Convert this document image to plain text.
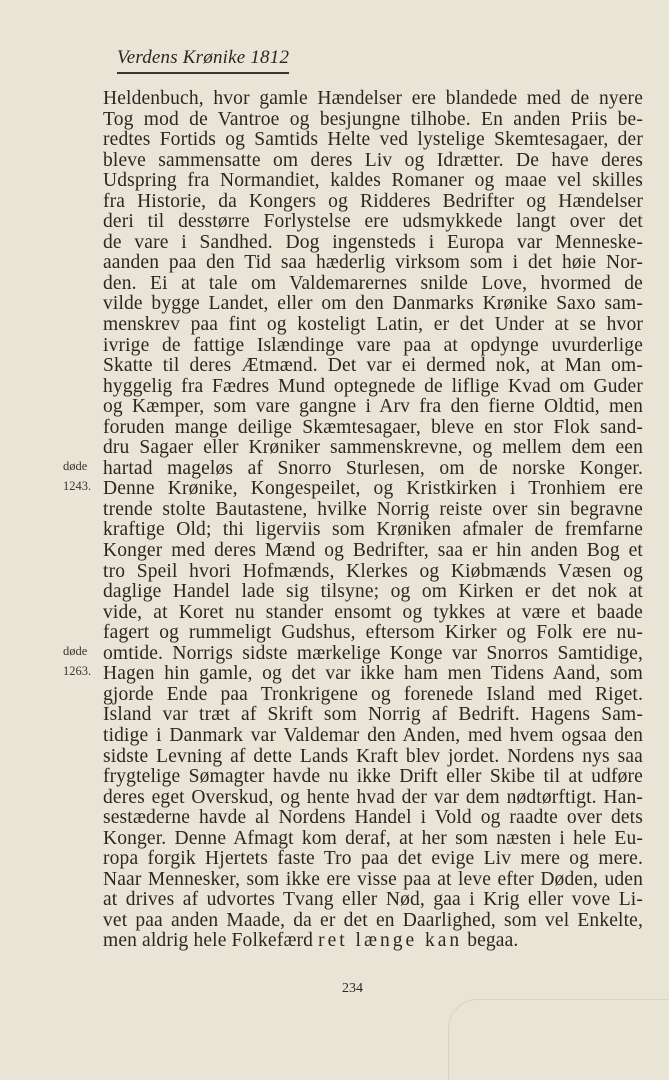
Verdens Krønike 1812
Heldenbuch, hvor gamle Hændelser ere blandede med de nyere
Tog mod de Vantroe og besjungne tilhobe. En anden Priis be-
redtes Fortids og Samtids Helte ved lystelige Skemtesagaer, der
bleve sammensatte om deres Liv og Idrætter. De have deres
Udspring fra Normandiet, kaldes Romaner og maae vel skilles
fra Historie, da Kongers og Ridderes Bedrifter og Hændelser
deri til desstørre Forlystelse ere udsmykkede langt over det
de vare i Sandhed. Dog ingensteds i Europa var Menneske-
aanden paa den Tid saa hæderlig virksom som i det høie Nor-
den. Ei at tale om Valdemarernes snilde Love, hvormed de
vilde bygge Landet, eller om den Danmarks Krønike Saxo sam-
menskrev paa fint og kosteligt Latin, er det Under at se hvor
ivrige de fattige Islændinge vare paa at opdynge uvurderlige
Skatte til deres Ætmænd. Det var ei dermed nok, at Man om-
hyggelig fra Fædres Mund optegnede de liflige Kvad om Guder
og Kæmper, som vare gangne i Arv fra den fierne Oldtid, men
foruden mange deilige Skæmtesagaer, bleve en stor Flok sand-
dru Sagaer eller Krøniker sammenskrevne, og mellem dem een
hartad mageløs af Snorro Sturlesen, om de norske Konger.
Denne Krønike, Kongespeilet, og Kristkirken i Tronhiem ere
trende stolte Bautastene, hvilke Norrig reiste over sin begravne
kraftige Old; thi ligerviis som Krøniken afmaler de fremfarne
Konger med deres Mænd og Bedrifter, saa er hin anden Bog et
tro Speil hvori Hofmænds, Klerkes og Kiøbmænds Væsen og
daglige Handel lade sig tilsyne; og om Kirken er det nok at
vide, at Koret nu stander ensomt og tykkes at være et baade
fagert og rummeligt Gudshus, eftersom Kirker og Folk ere nu-
omtide. Norrigs sidste mærkelige Konge var Snorros Samtidige,
Hagen hin gamle, og det var ikke ham men Tidens Aand, som
gjorde Ende paa Tronkrigene og forenede Island med Riget.
Island var træt af Skrift som Norrig af Bedrift. Hagens Sam-
tidige i Danmark var Valdemar den Anden, med hvem ogsaa den
sidste Levning af dette Lands Kraft blev jordet. Nordens nys saa
frygtelige Sømagter havde nu ikke Drift eller Skibe til at udføre
deres eget Overskud, og hente hvad der var dem nødtørftigt. Han-
sestæderne havde al Nordens Handel i Vold og raadte over dets
Konger. Denne Afmagt kom deraf, at her som næsten i hele Eu-
ropa forgik Hjertets faste Tro paa det evige Liv mere og mere.
Naar Mennesker, som ikke ere visse paa at leve efter Døden, uden
at drives af udvortes Tvang eller Nød, gaa i Krig eller vove Li-
vet paa anden Maade, da er det en Daarlighed, som vel Enkelte,
men aldrig hele Folkefærd ret længe kan begaa.
døde
1243.
døde
1263.
234
